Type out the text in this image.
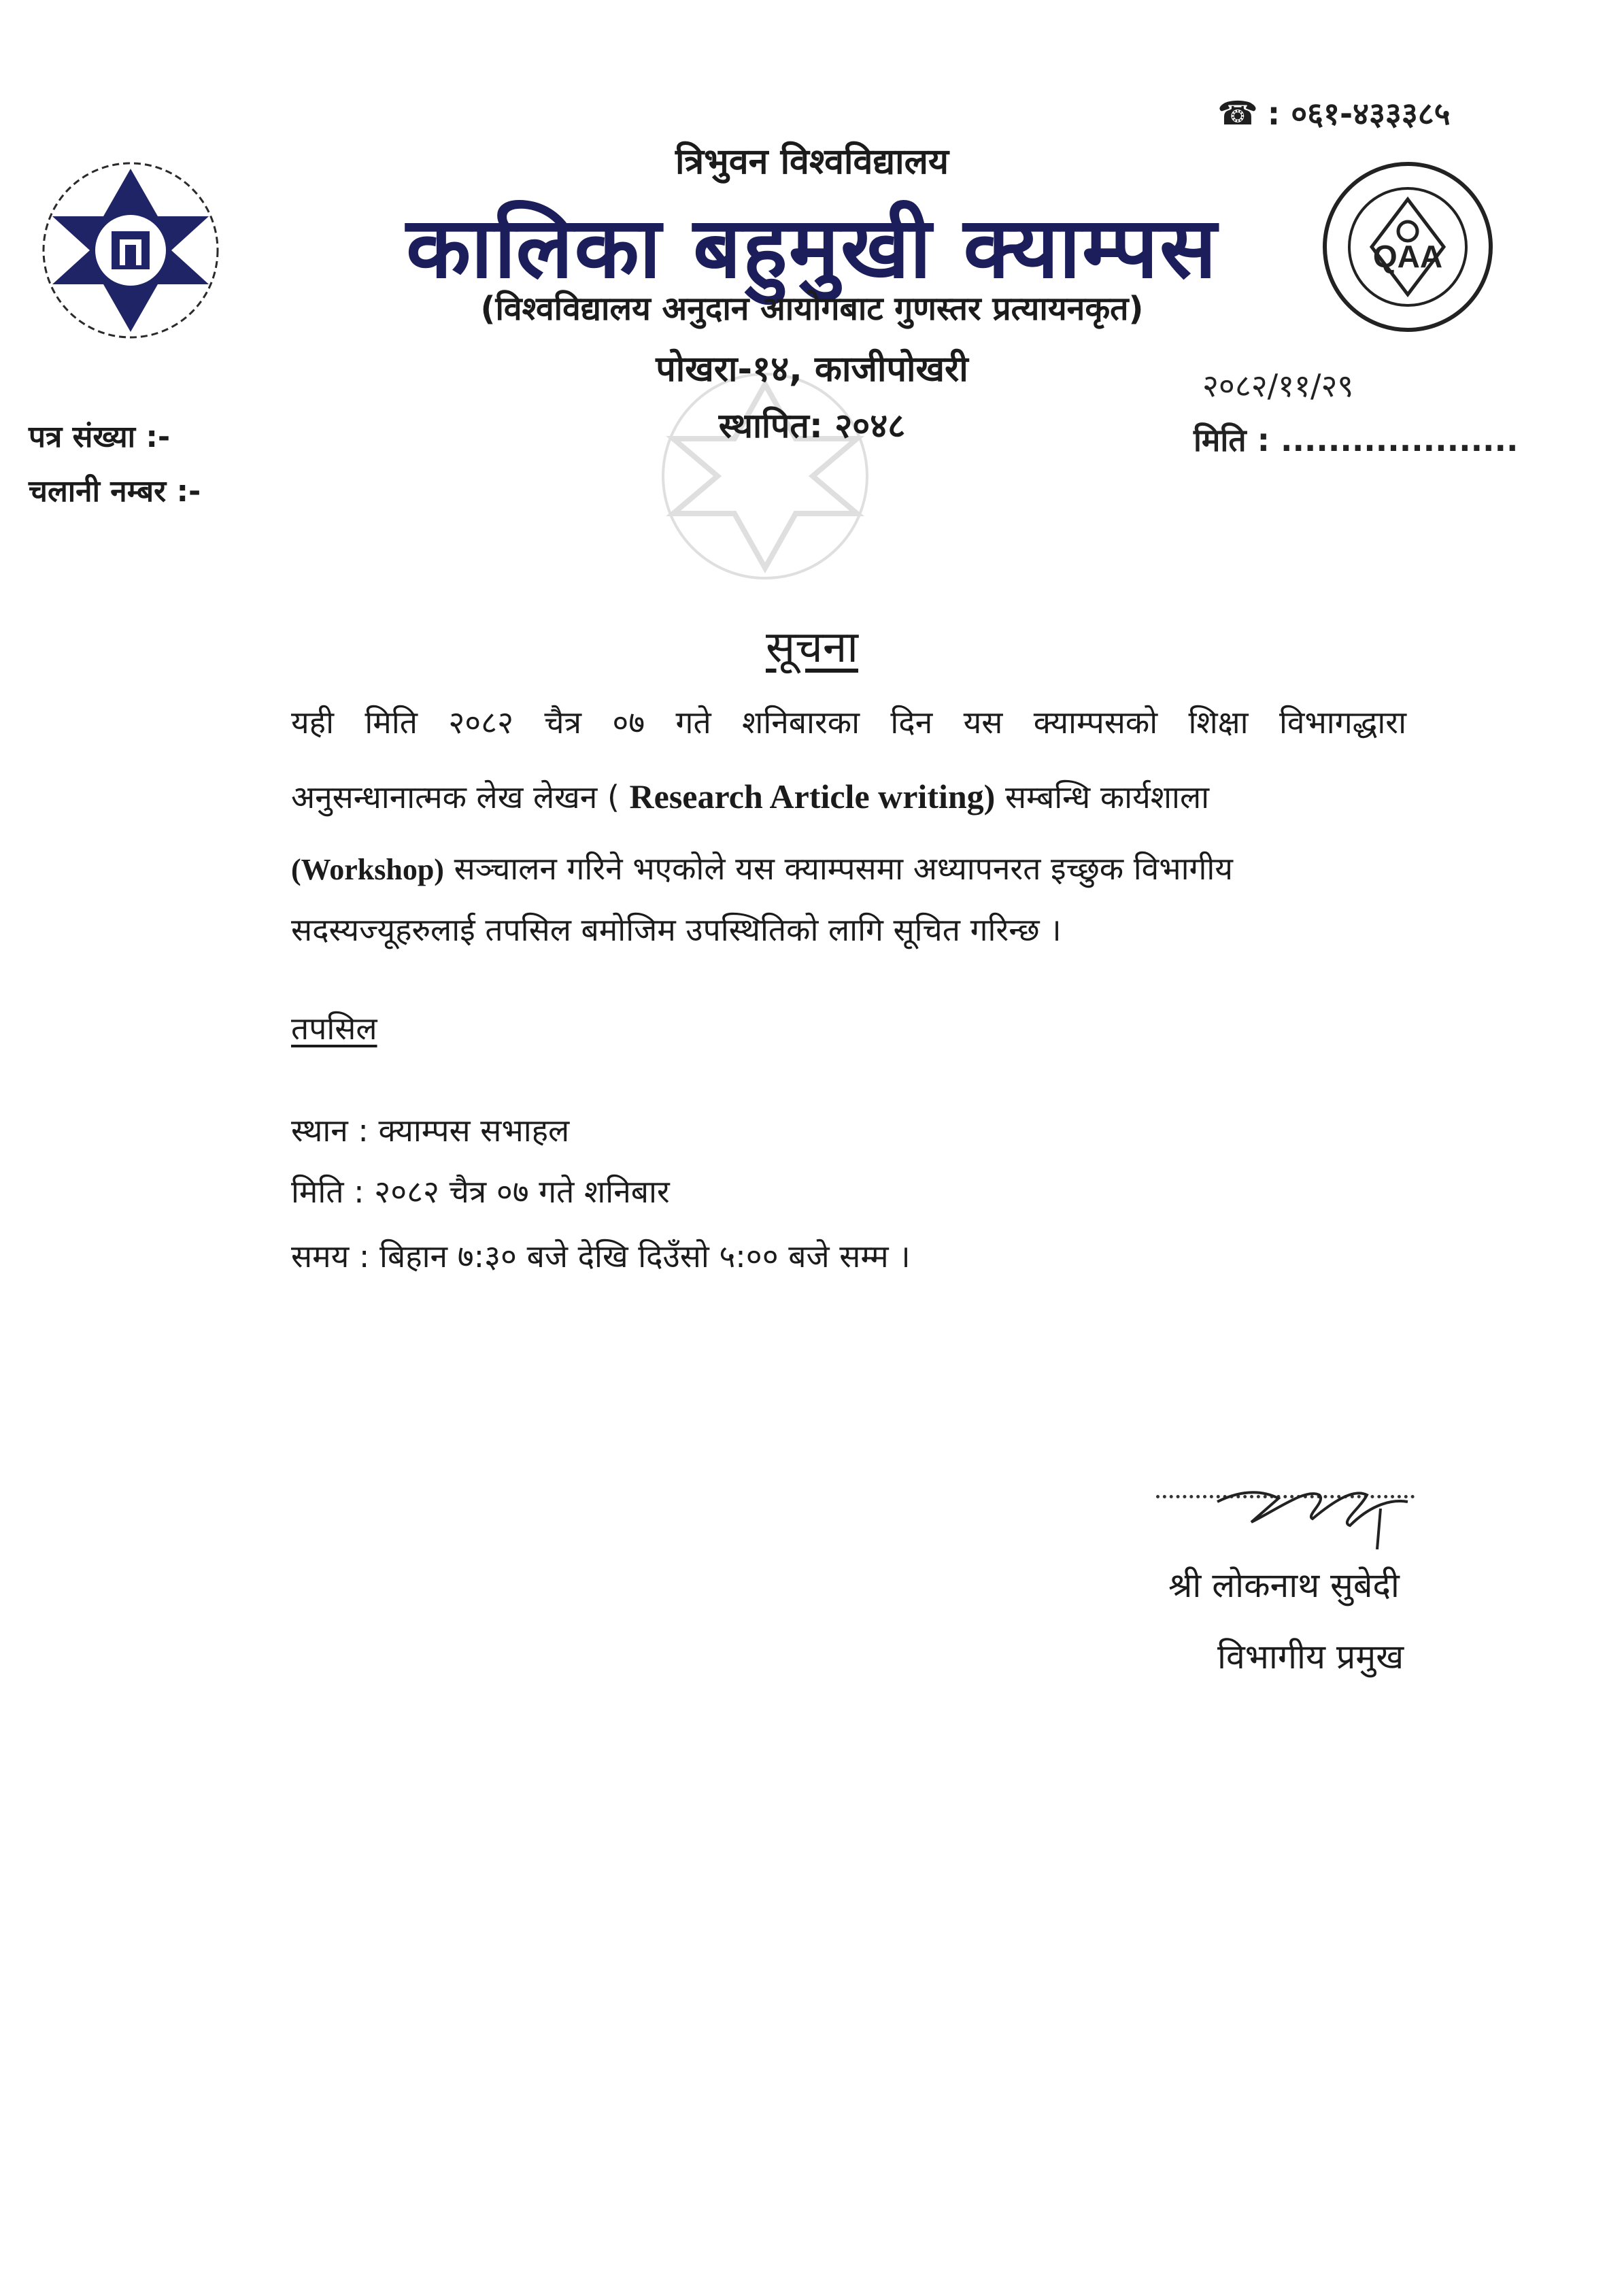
QAA
☎ : ०६१-४३३३८५
त्रिभुवन विश्वविद्यालय
कालिका बहुमुखी क्याम्पस
(विश्वविद्यालय अनुदान आयोगबाट गुणस्तर प्रत्यायनकृत)
पोखरा-१४, काजीपोखरी
स्थापित: २०४८
२०८२/११/२९
मिति : ....................
पत्र संख्या :-
चलानी नम्बर :-
सूचना
यही मिति २०८२ चैत्र ०७ गते शनिबारका दिन यस क्याम्पसको शिक्षा विभागद्धारा
अनुसन्धानात्मक लेख लेखन ( Research Article writing) सम्बन्धि कार्यशाला
(Workshop) सञ्चालन गरिने भएकोले यस क्याम्पसमा अध्यापनरत इच्छुक विभागीय
सदस्यज्यूहरुलाई तपसिल बमोजिम उपस्थितिको लागि सूचित गरिन्छ ।
तपसिल
स्थान : क्याम्पस सभाहल
मिति : २०८२ चैत्र ०७ गते शनिबार
समय : बिहान ७:३० बजे देखि दिउँसो ५:०० बजे सम्म ।
श्री लोकनाथ सुबेदी
विभागीय प्रमुख
